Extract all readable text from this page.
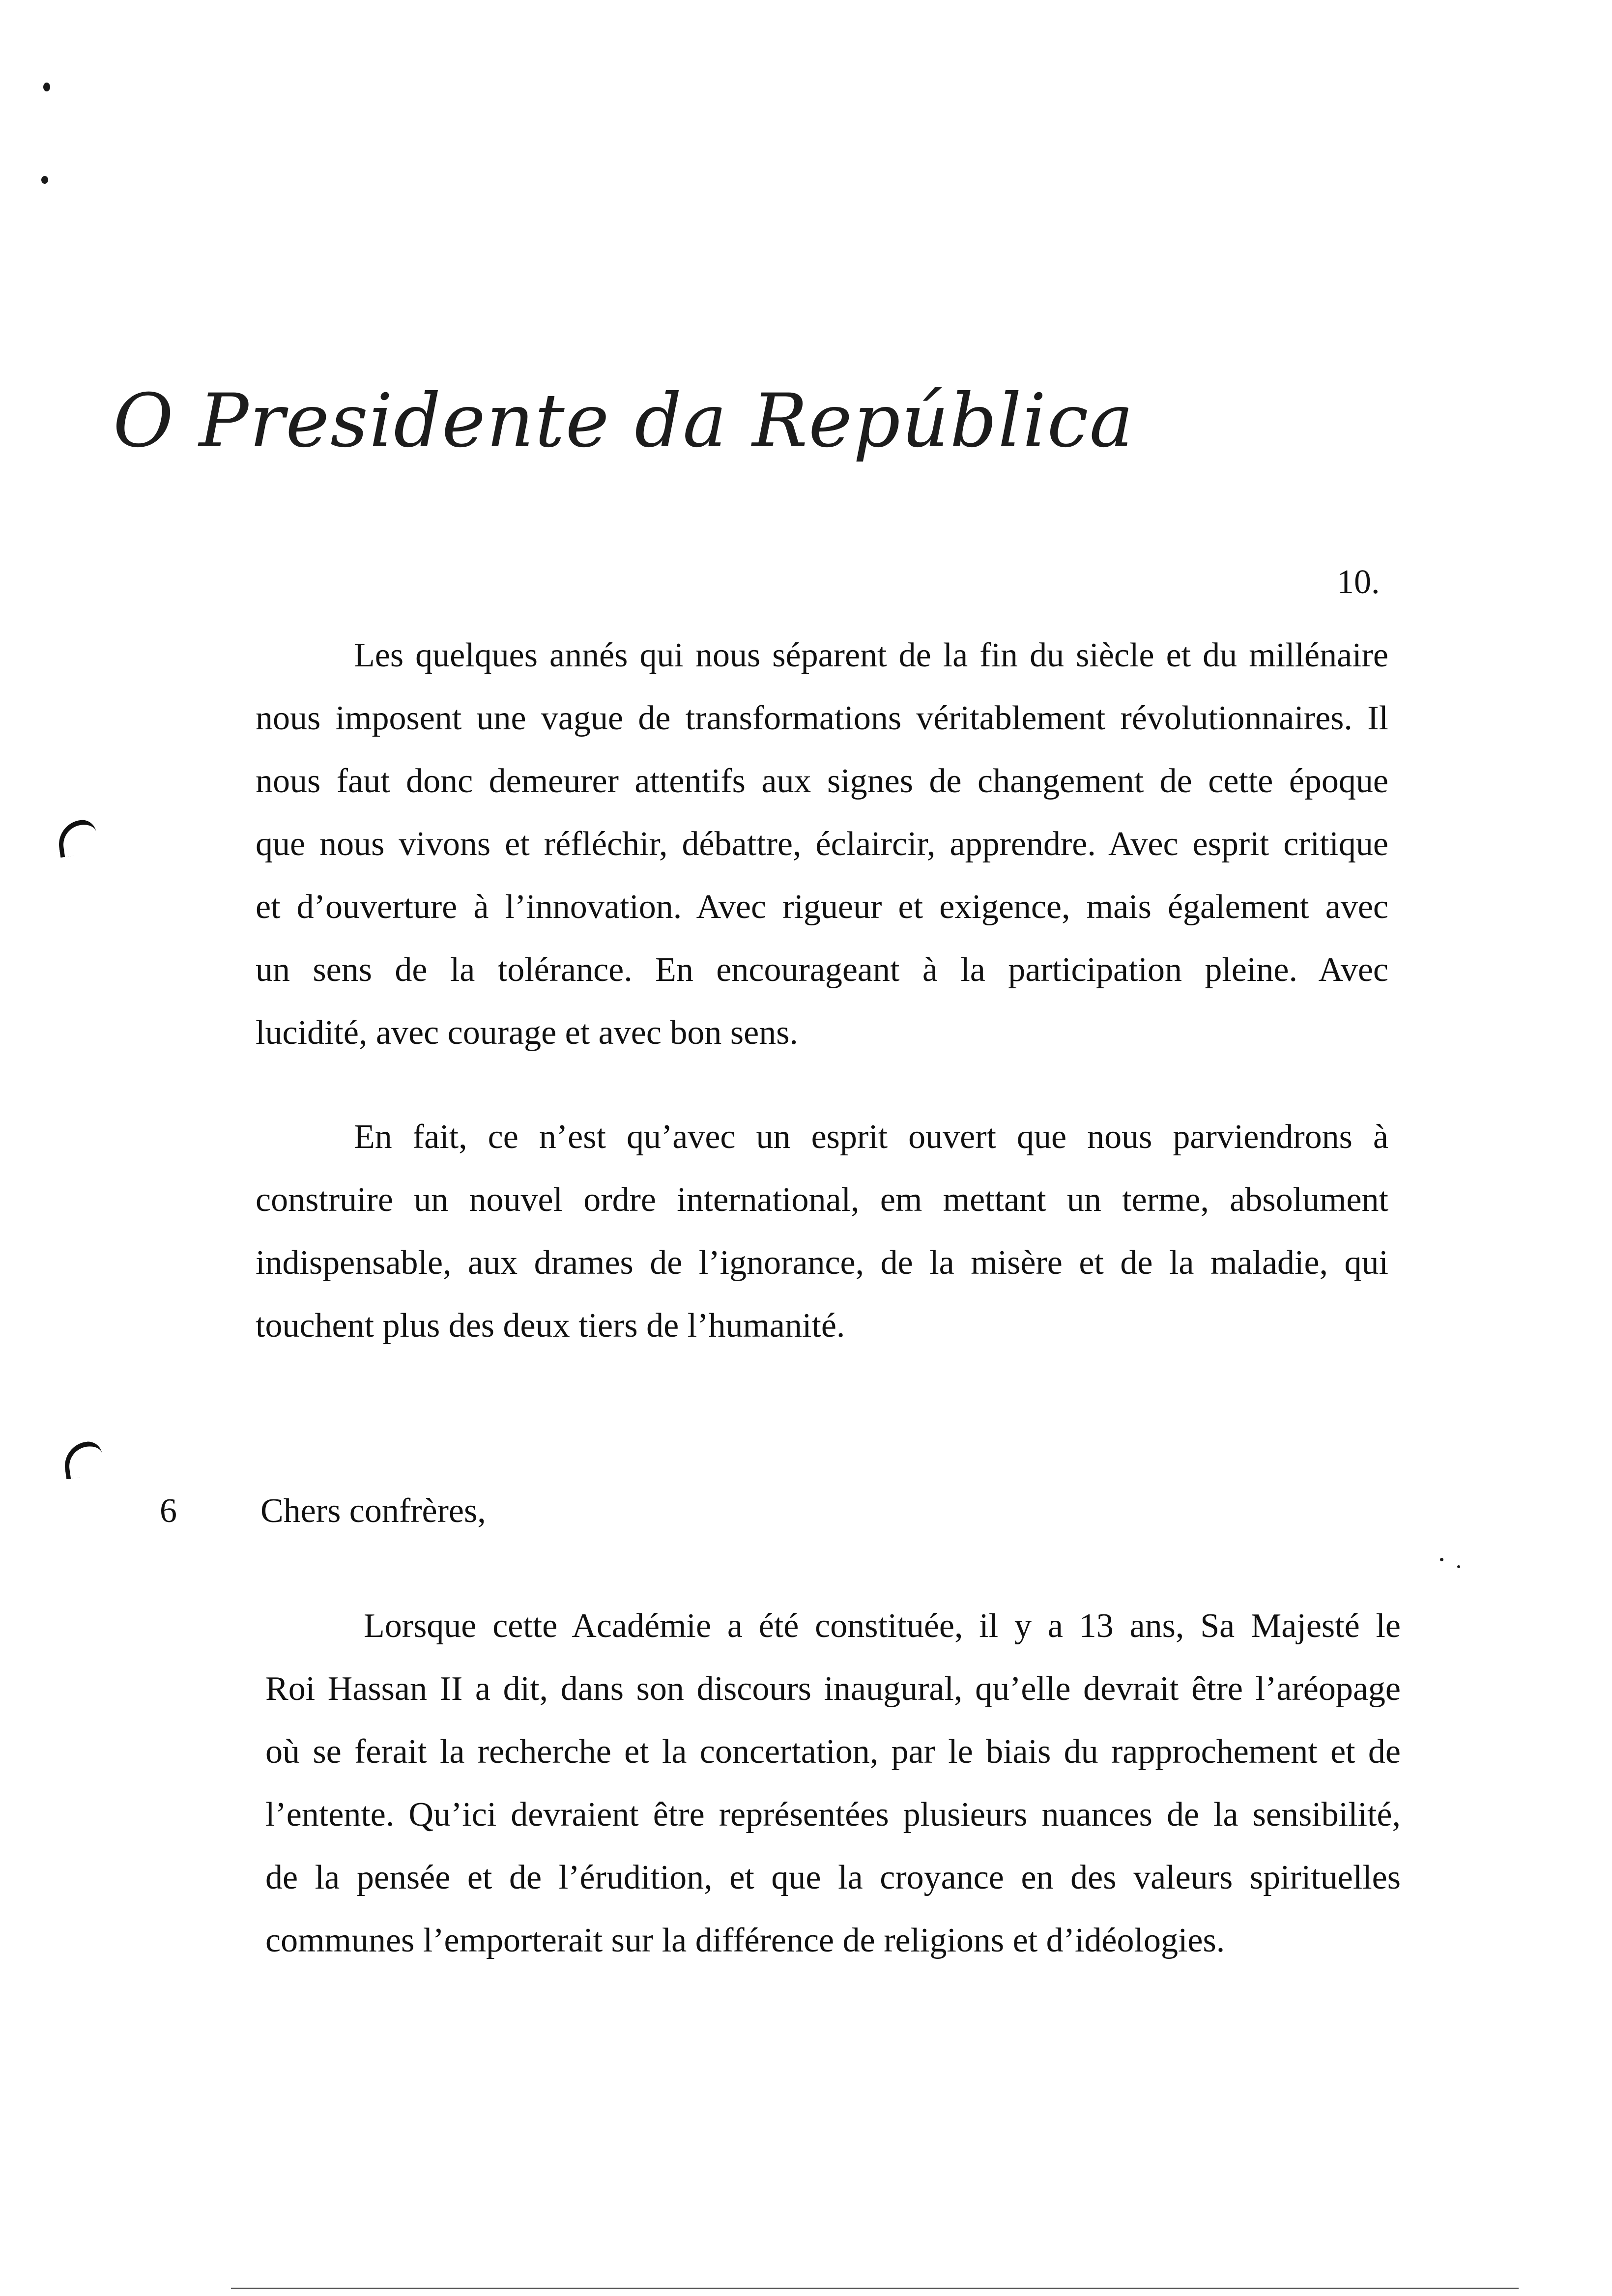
O Presidente da República
10.
Les quelques annés qui nous séparent de la fin du siècle et du millénaire
nous imposent une vague de transformations véritablement révolutionnaires. Il
nous faut donc demeurer attentifs aux signes de changement de cette époque
que nous vivons et réfléchir, débattre, éclaircir, apprendre. Avec esprit critique
et d’ouverture à l’innovation. Avec rigueur et exigence, mais également avec
un sens de la tolérance. En encourageant à la participation pleine. Avec
lucidité, avec courage et avec bon sens.
En fait, ce n’est qu’avec un esprit ouvert que nous parviendrons à
construire un nouvel ordre international, em mettant un terme, absolument
indispensable, aux drames de l’ignorance, de la misère et de la maladie, qui
touchent plus des deux tiers de l’humanité.
6 Chers confrères,
Lorsque cette Académie a été constituée, il y a 13 ans, Sa Majesté le
Roi Hassan II a dit, dans son discours inaugural, qu’elle devrait être l’aréopage
où se ferait la recherche et la concertation, par le biais du rapprochement et de
l’entente. Qu’ici devraient être représentées plusieurs nuances de la sensibilité,
de la pensée et de l’érudition, et que la croyance en des valeurs spirituelles
communes l’emporterait sur la différence de religions et d’idéologies.
